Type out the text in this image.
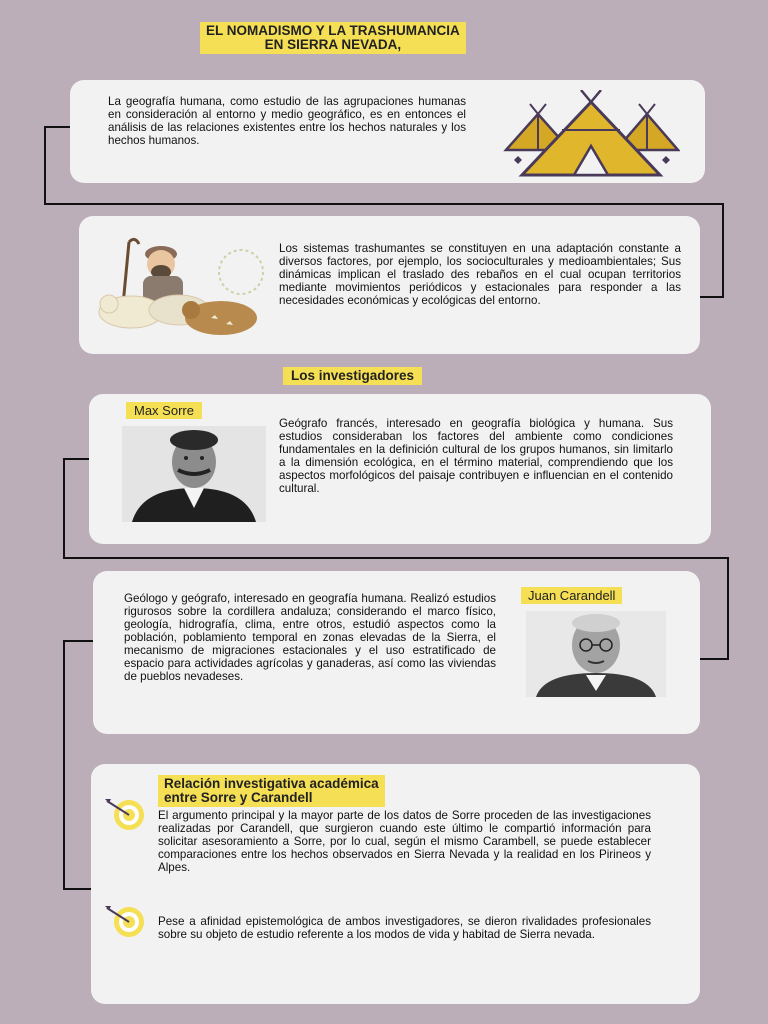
EL NOMADISMO Y LA TRASHUMANCIA
EN SIERRA NEVADA,
La geografía humana, como estudio de las agrupaciones humanas en consideración al entorno y medio geográfico, es en entonces el análisis de las relaciones existentes entre los hechos naturales y los hechos humanos.
Los sistemas trashumantes se constituyen en una adaptación constante a diversos factores, por ejemplo, los socioculturales y medioambientales; Sus dinámicas implican el traslado des rebaños en el cual ocupan territorios mediante movimientos periódicos y estacionales para responder a las necesidades económicas y ecológicas del entorno.
Los investigadores
Max Sorre
Geógrafo francés, interesado en geografía biológica y humana. Sus estudios consideraban los factores del ambiente como condiciones fundamentales en la definición cultural de los grupos humanos, sin limitarlo a la dimensión ecológica, en el término material, comprendiendo que los aspectos morfológicos del paisaje contribuyen e influencian en el contenido cultural.
Geólogo y geógrafo, interesado en geografía humana. Realizó estudios rigurosos sobre la cordillera andaluza; considerando el marco físico, geología, hidrografía, clima, entre otros, estudió aspectos como la población, poblamiento temporal en zonas elevadas de la Sierra, el mecanismo de migraciones estacionales y el uso estratificado de espacio para actividades agrícolas y ganaderas, así como las viviendas de pueblos nevadeses.
Juan Carandell
Relación investigativa académica
entre Sorre y Carandell
El argumento principal y la mayor parte de los datos de Sorre proceden de las investigaciones realizadas por Carandell, que surgieron cuando este último le compartió información para solicitar asesoramiento a Sorre, por lo cual, según el mismo Carambell, se puede establecer comparaciones entre los hechos observados en Sierra Nevada y la realidad en los Pirineos y Alpes.
Pese a afinidad epistemológica de ambos investigadores, se dieron rivalidades profesionales sobre su objeto de estudio referente a los modos de vida y habitad de Sierra nevada.
